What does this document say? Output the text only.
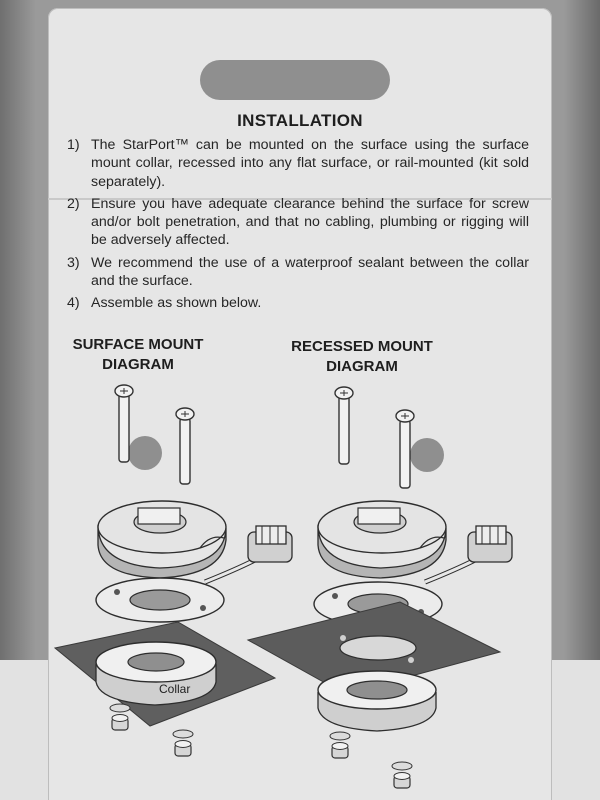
INSTALLATION
1) The StarPort™ can be mounted on the surface using the surface mount collar, recessed into any flat surface, or rail-mounted (kit sold separately).
2) Ensure you have adequate clearance behind the surface for screw and/or bolt penetration, and that no cabling, plumbing or rigging will be adversely affected.
3) We recommend the use of a waterproof sealant between the collar and the surface.
4) Assemble as shown below.
SURFACE MOUNT
DIAGRAM
RECESSED MOUNT
DIAGRAM
Collar
